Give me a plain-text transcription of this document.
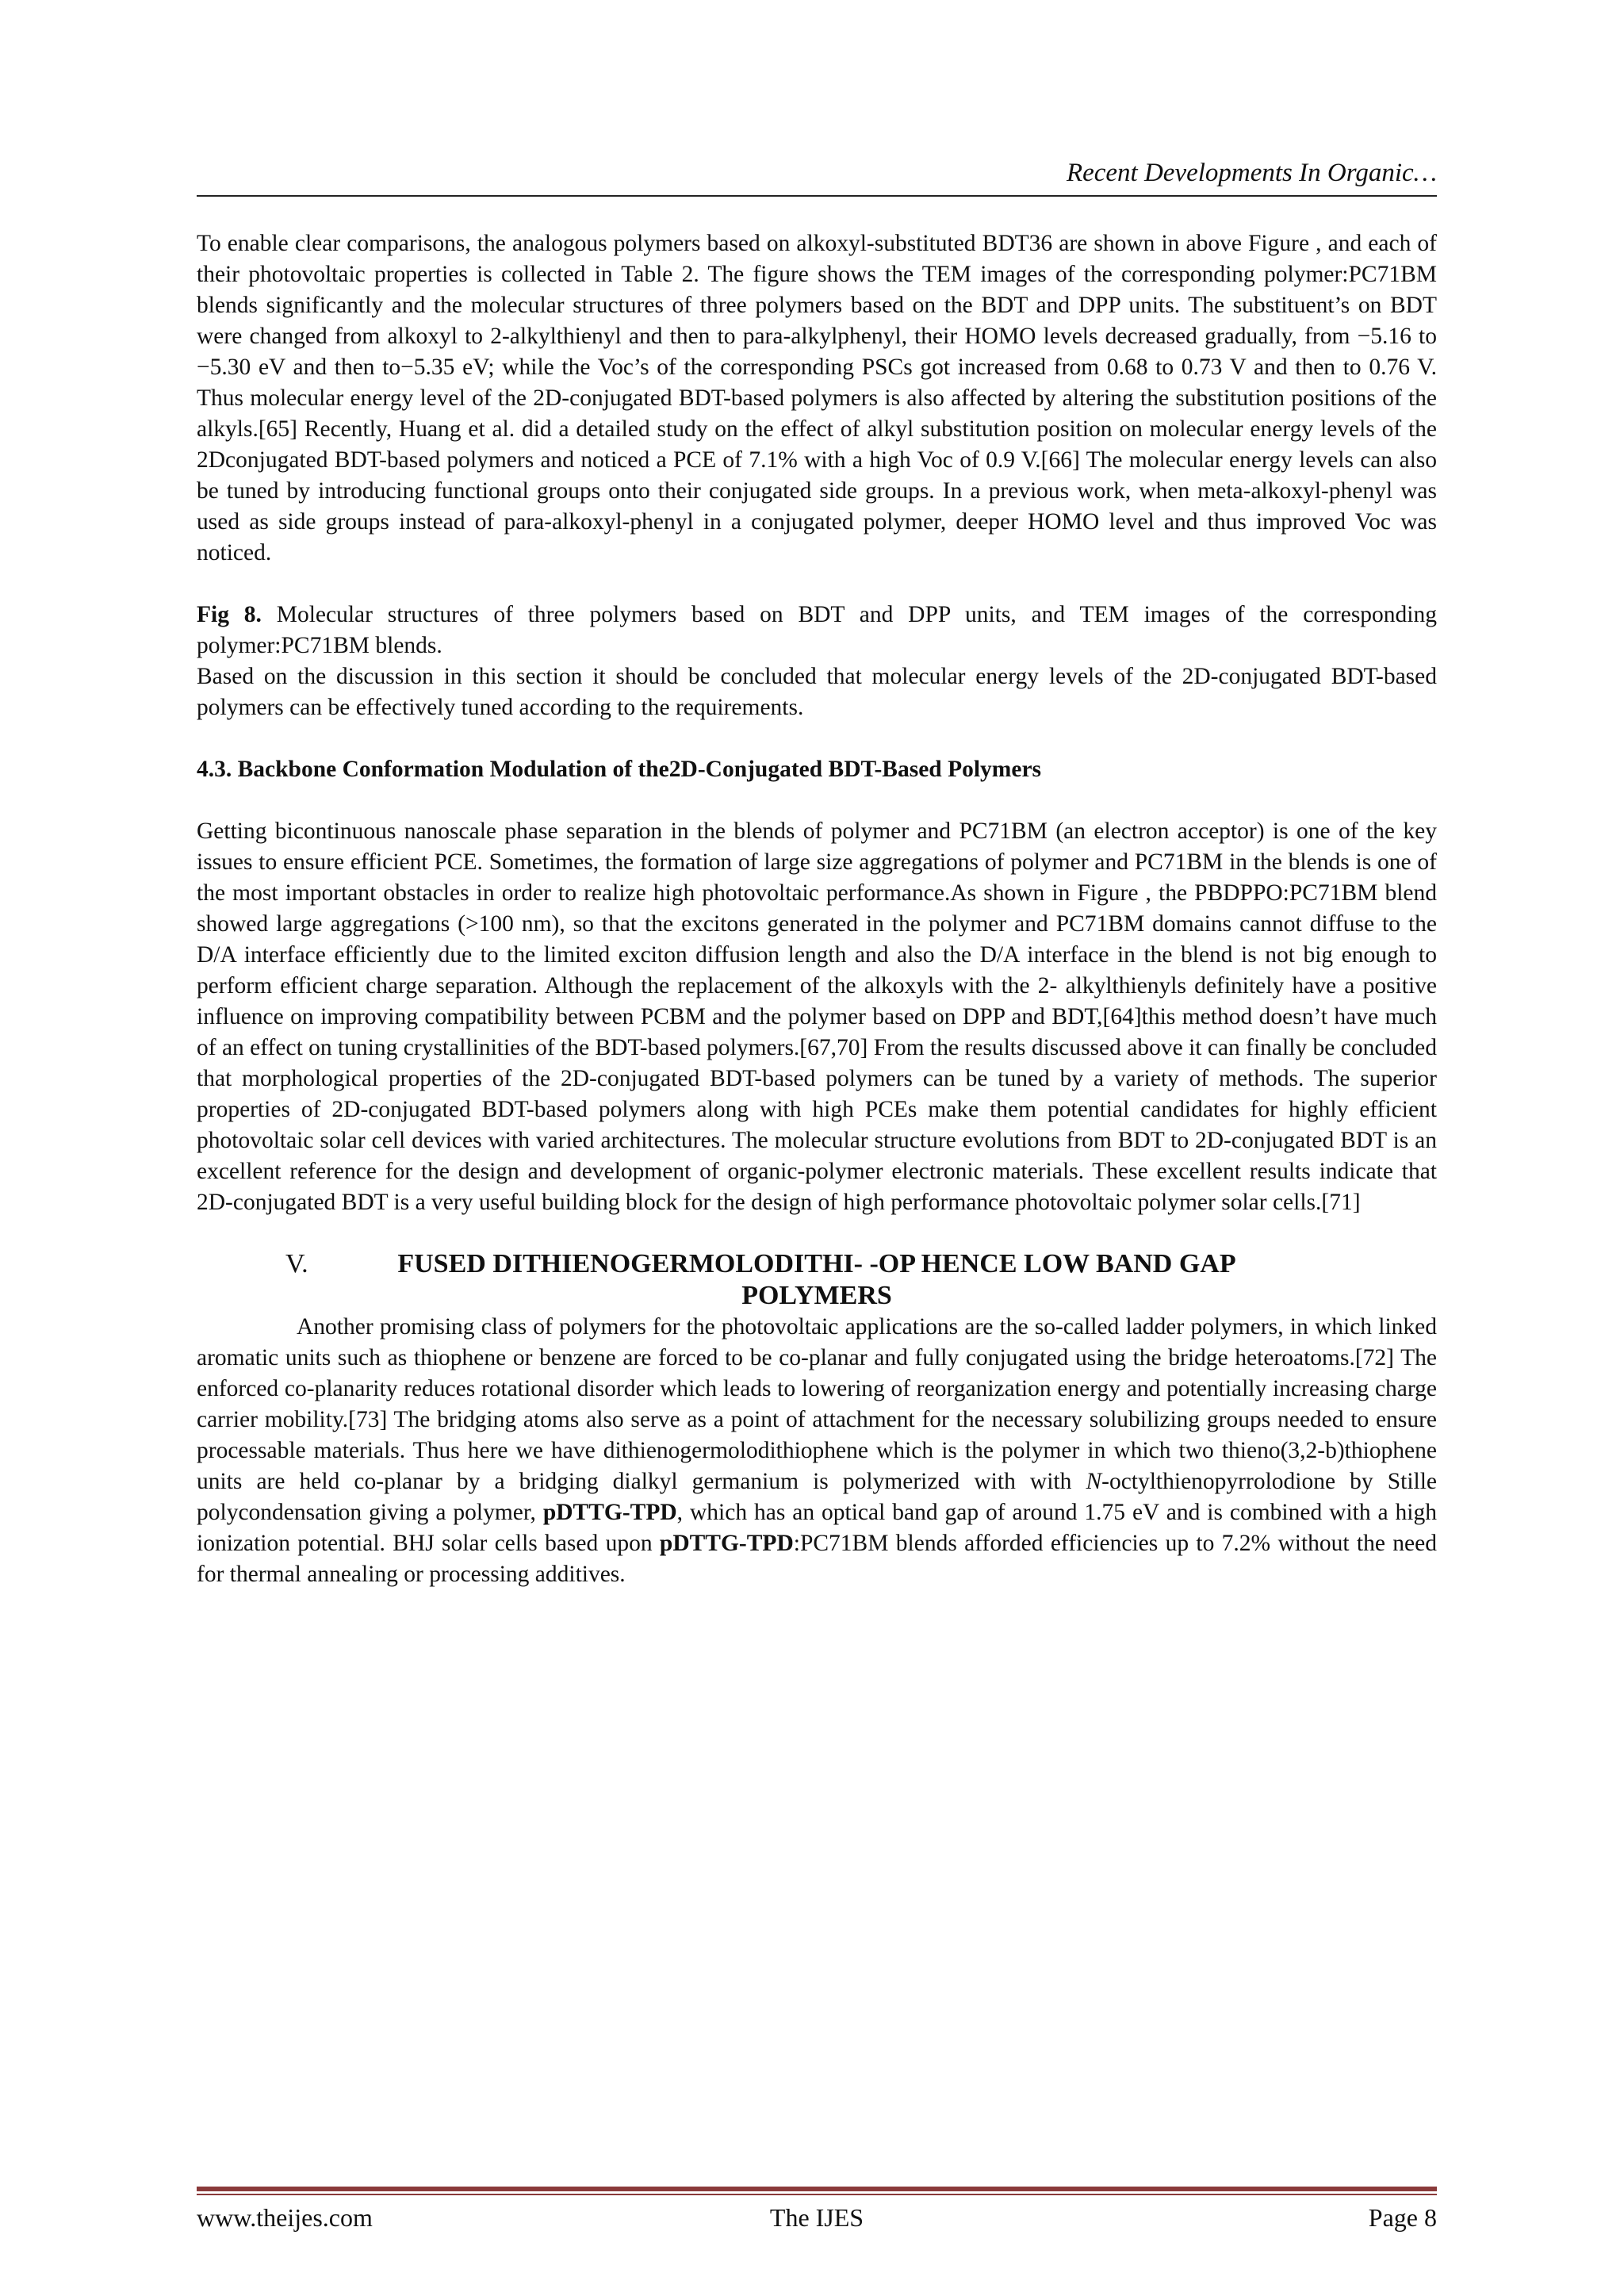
Recent Developments In Organic…

To enable clear comparisons, the analogous polymers based on alkoxyl-substituted BDT36 are shown in above Figure , and each of their photovoltaic properties is collected in Table 2. The figure shows the TEM images of the corresponding polymer:PC71BM blends significantly and the molecular structures of three polymers based on the BDT and DPP units. The substituent’s on BDT were changed from alkoxyl to 2-alkylthienyl and then to para-alkylphenyl, their HOMO levels decreased gradually, from −5.16 to −5.30 eV and then to−5.35 eV; while the Voc’s of the corresponding PSCs got increased from 0.68 to 0.73 V and then to 0.76 V. Thus molecular energy level of the 2D-conjugated BDT-based polymers is also affected by altering the substitution positions of the alkyls.[65] Recently, Huang et al. did a detailed study on the effect of alkyl substitution position on molecular energy levels of the 2Dconjugated BDT-based polymers and noticed a PCE of 7.1% with a high Voc of 0.9 V.[66] The molecular energy levels can also be tuned by introducing functional groups onto their conjugated side groups. In a previous work, when meta-alkoxyl-phenyl was used as side groups instead of para-alkoxyl-phenyl in a conjugated polymer, deeper HOMO level and thus improved Voc was noticed.

Fig 8. Molecular structures of three polymers based on BDT and DPP units, and TEM images of the corresponding polymer:PC71BM blends.

Based on the discussion in this section it should be concluded that molecular energy levels of the 2D-conjugated BDT-based polymers can be effectively tuned according to the requirements.

4.3. Backbone Conformation Modulation of the2D-Conjugated BDT-Based Polymers

Getting bicontinuous nanoscale phase separation in the blends of polymer and PC71BM (an electron acceptor) is one of the key issues to ensure efficient PCE. Sometimes, the formation of large size aggregations of polymer and PC71BM in the blends is one of the most important obstacles in order to realize high photovoltaic performance.As shown in Figure , the PBDPPO:PC71BM blend showed large aggregations (>100 nm), so that the excitons generated in the polymer and PC71BM domains cannot diffuse to the D/A interface efficiently due to the limited exciton diffusion length and also the D/A interface in the blend is not big enough to perform efficient charge separation. Although the replacement of the alkoxyls with the 2- alkylthienyls definitely have a positive influence on improving compatibility between PCBM and the polymer based on DPP and BDT,[64]this method doesn’t have much of an effect on tuning crystallinities of the BDT-based polymers.[67,70] From the results discussed above it can finally be concluded that morphological properties of the 2D-conjugated BDT-based polymers can be tuned by a variety of methods. The superior properties of 2D-conjugated BDT-based polymers along with high PCEs make them potential candidates for highly efficient photovoltaic solar cell devices with varied architectures. The molecular structure evolutions from BDT to 2D-conjugated BDT is an excellent reference for the design and development of organic-polymer electronic materials. These excellent results indicate that 2D-conjugated BDT is a very useful building block for the design of high performance photovoltaic polymer solar cells.[71]

V.	FUSED DITHIENOGERMOLODITHI- -OP HENCE LOW BAND GAP
POLYMERS

Another promising class of polymers for the photovoltaic applications are the so-called ladder polymers, in which linked aromatic units such as thiophene or benzene are forced to be co-planar and fully conjugated using the bridge heteroatoms.[72] The enforced co-planarity reduces rotational disorder which leads to lowering of reorganization energy and potentially increasing charge carrier mobility.[73] The bridging atoms also serve as a point of attachment for the necessary solubilizing groups needed to ensure processable materials. Thus here we have dithienogermolodithiophene which is the polymer in which two thieno(3,2-b)thiophene units are held co-planar by a bridging dialkyl germanium is polymerized with with N-octylthienopyrrolodione by Stille polycondensation giving a polymer, pDTTG-TPD, which has an optical band gap of around 1.75 eV and is combined with a high ionization potential. BHJ solar cells based upon pDTTG-TPD:PC71BM blends afforded efficiencies up to 7.2% without the need for thermal annealing or processing additives.

www.theijes.com	The IJES	Page 8
